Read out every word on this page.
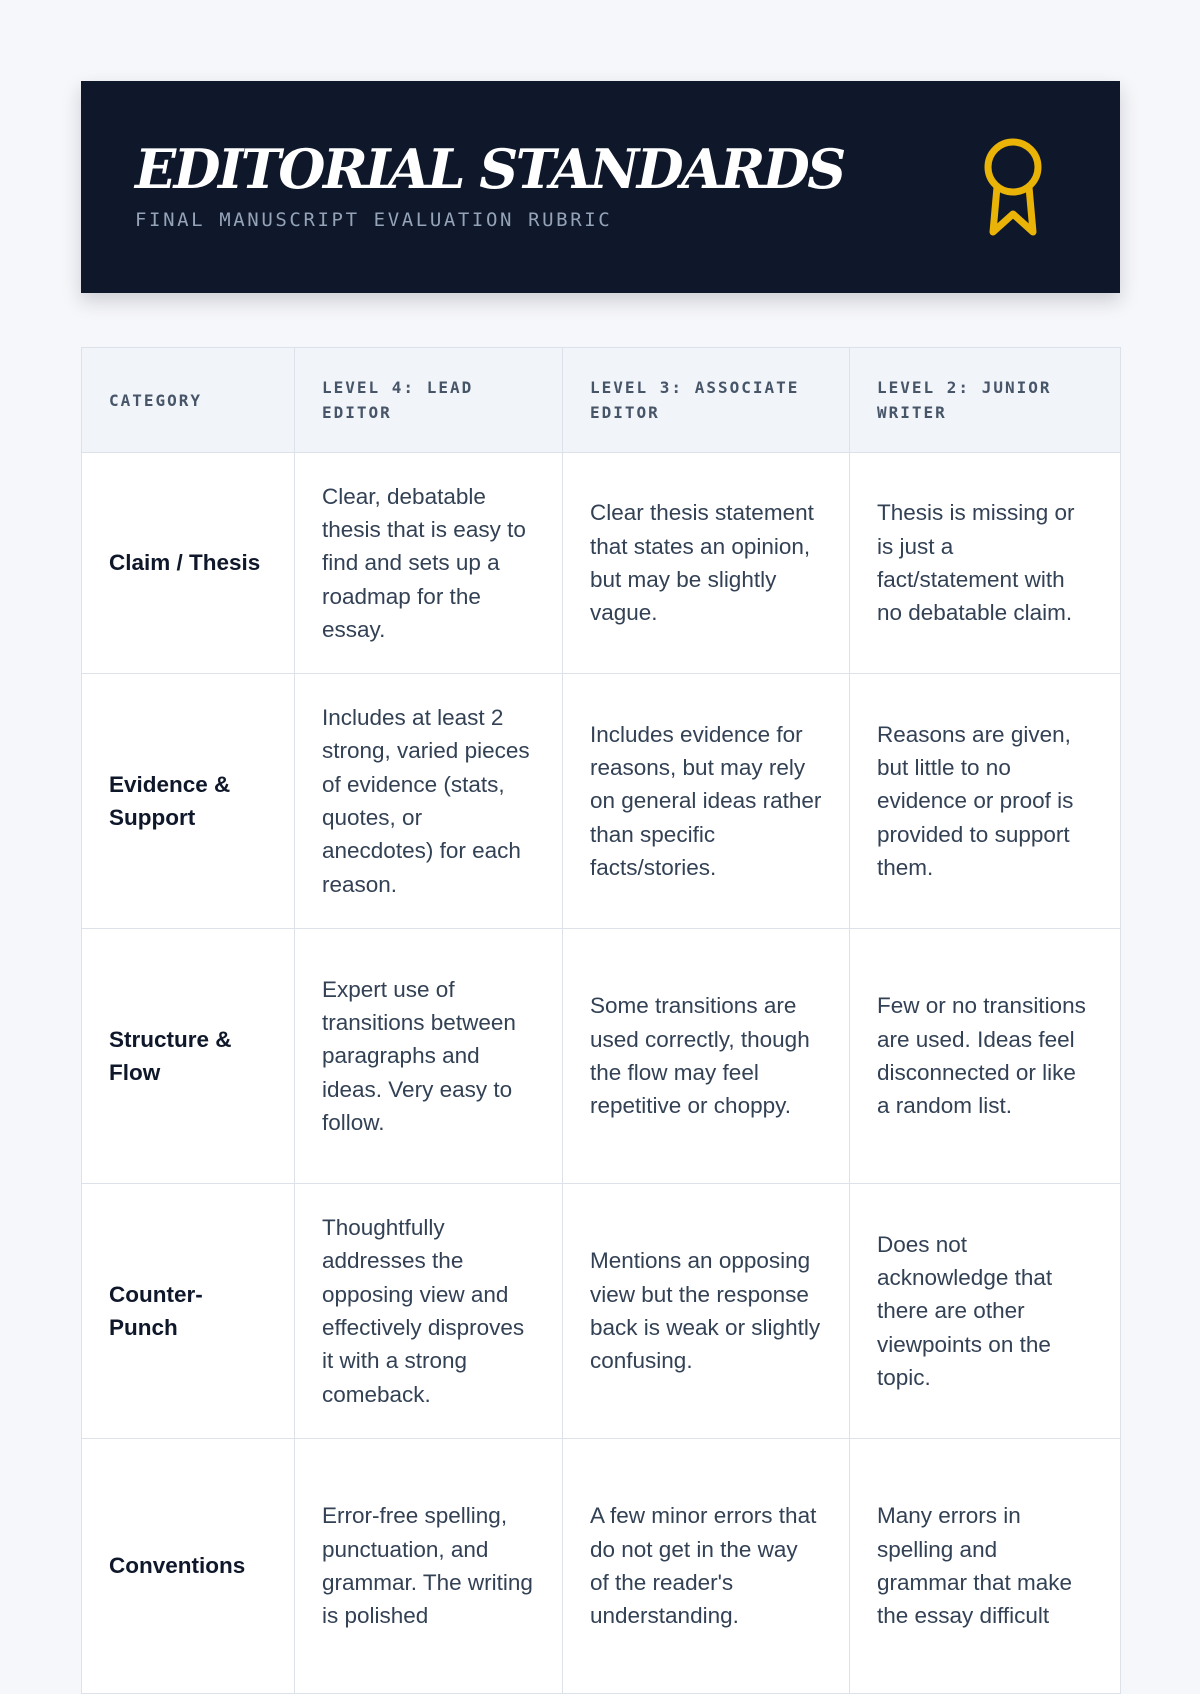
EDITORIAL STANDARDS

FINAL MANUSCRIPT EVALUATION RUBRIC

CATEGORY	LEVEL 4: LEAD EDITOR	LEVEL 3: ASSOCIATE EDITOR	LEVEL 2: JUNIOR WRITER
Claim / Thesis	Clear, debatable thesis that is easy to find and sets up a roadmap for the essay.	Clear thesis statement that states an opinion, but may be slightly vague.	Thesis is missing or is just a fact/statement with no debatable claim.
Evidence & Support	Includes at least 2 strong, varied pieces of evidence (stats, quotes, or anecdotes) for each reason.	Includes evidence for reasons, but may rely on general ideas rather than specific facts/stories.	Reasons are given, but little to no evidence or proof is provided to support them.
Structure & Flow	Expert use of transitions between paragraphs and ideas. Very easy to follow.	Some transitions are used correctly, though the flow may feel repetitive or choppy.	Few or no transitions are used. Ideas feel disconnected or like a random list.
Counter-Punch	Thoughtfully addresses the opposing view and effectively disproves it with a strong comeback.	Mentions an opposing view but the response back is weak or slightly confusing.	Does not acknowledge that there are other viewpoints on the topic.
Conventions	Error-free spelling, punctuation, and grammar. The writing is polished	A few minor errors that do not get in the way of the reader's understanding.	Many errors in spelling and grammar that make the essay difficult
